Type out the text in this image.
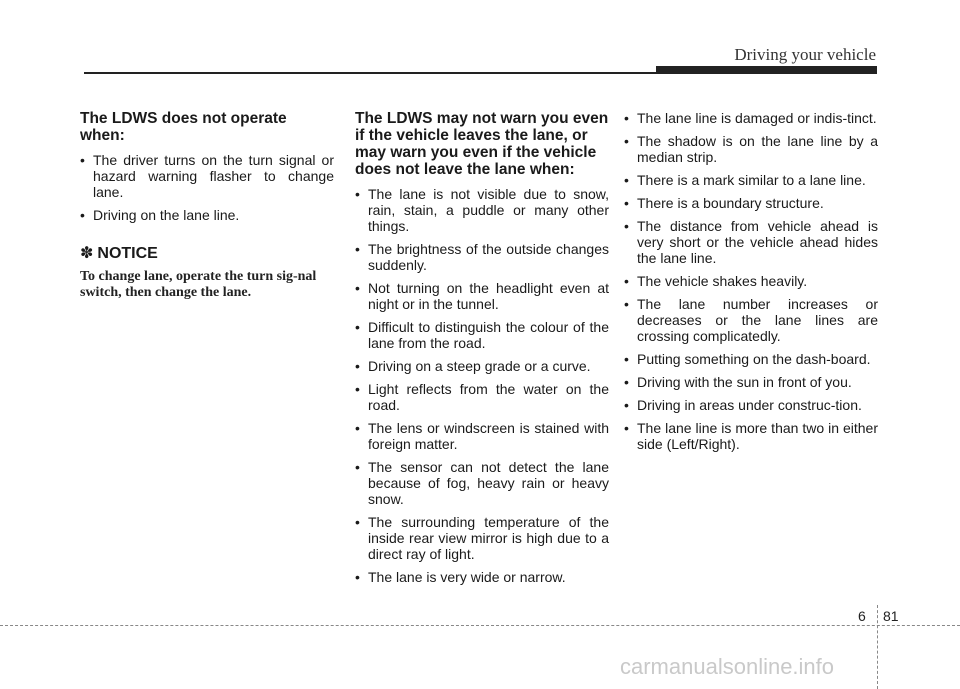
Driving your vehicle
The LDWS does not operate when:
• The driver turns on the turn signal or hazard warning flasher to change lane.
• Driving on the lane line.
✽ NOTICE
To change lane, operate the turn sig-nal switch, then change the lane.
The LDWS may not warn you even if the vehicle leaves the lane, or may warn you even if the vehicle does not leave the lane when:
• The lane is not visible due to snow, rain, stain, a puddle or many other things.
• The brightness of the outside changes suddenly.
• Not turning on the headlight even at night or in the tunnel.
• Difficult to distinguish the colour of the lane from the road.
• Driving on a steep grade or a curve.
• Light reflects from the water on the road.
• The lens or windscreen is stained with foreign matter.
• The sensor can not detect the lane because of fog, heavy rain or heavy snow.
• The surrounding temperature of the inside rear view mirror is high due to a direct ray of light.
• The lane is very wide or narrow.
• The lane line is damaged or indis-tinct.
• The shadow is on the lane line by a median strip.
• There is a mark similar to a lane line.
• There is a boundary structure.
• The distance from vehicle ahead is very short or the vehicle ahead hides the lane line.
• The vehicle shakes heavily.
• The lane number increases or decreases or the lane lines are crossing complicatedly.
• Putting something on the dash-board.
• Driving with the sun in front of you.
• Driving in areas under construc-tion.
• The lane line is more than two in either side (Left/Right).
6 81
carmanualsonline.info
